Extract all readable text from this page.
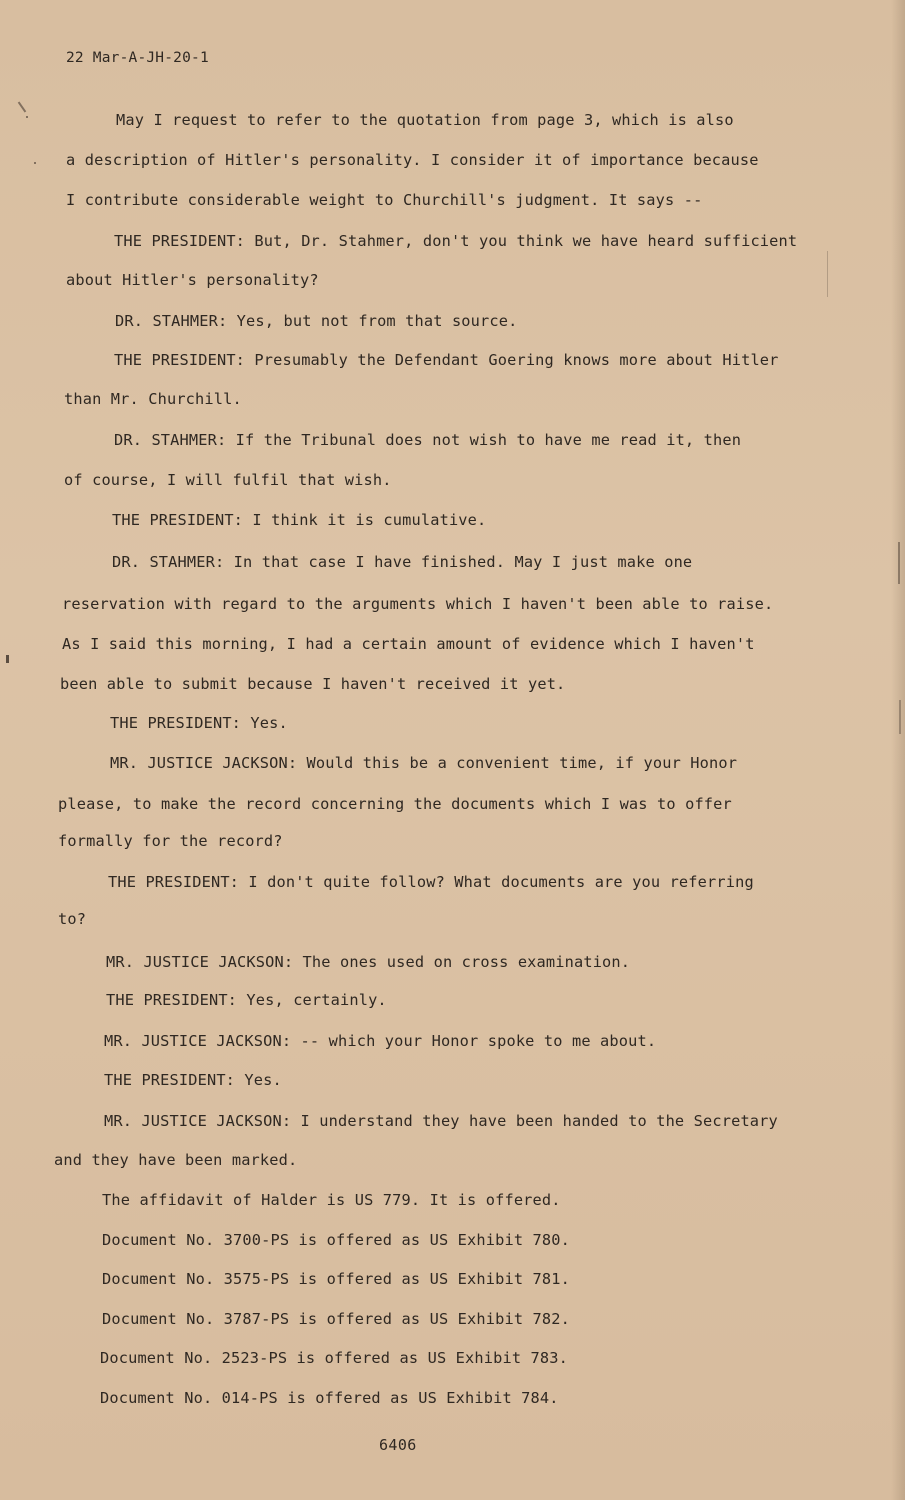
22 Mar-A-JH-20-1
May I request to refer to the quotation from page 3, which is also
a description of Hitler's personality. I consider it of importance because
I contribute considerable weight to Churchill's judgment. It says --
THE PRESIDENT: But, Dr. Stahmer, don't you think we have heard sufficient
about Hitler's personality?
DR. STAHMER: Yes, but not from that source.
THE PRESIDENT: Presumably the Defendant Goering knows more about Hitler
than Mr. Churchill.
DR. STAHMER: If the Tribunal does not wish to have me read it, then
of course, I will fulfil that wish.
THE PRESIDENT: I think it is cumulative.
DR. STAHMER: In that case I have finished. May I just make one
reservation with regard to the arguments which I haven't been able to raise.
As I said this morning, I had a certain amount of evidence which I haven't
been able to submit because I haven't received it yet.
THE PRESIDENT: Yes.
MR. JUSTICE JACKSON: Would this be a convenient time, if your Honor
please, to make the record concerning the documents which I was to offer
formally for the record?
THE PRESIDENT: I don't quite follow? What documents are you referring
to?
MR. JUSTICE JACKSON: The ones used on cross examination.
THE PRESIDENT: Yes, certainly.
MR. JUSTICE JACKSON: -- which your Honor spoke to me about.
THE PRESIDENT: Yes.
MR. JUSTICE JACKSON: I understand they have been handed to the Secretary
and they have been marked.
The affidavit of Halder is US 779. It is offered.
Document No. 3700-PS is offered as US Exhibit 780.
Document No. 3575-PS is offered as US Exhibit 781.
Document No. 3787-PS is offered as US Exhibit 782.
Document No. 2523-PS is offered as US Exhibit 783.
Document No. 014-PS is offered as US Exhibit 784.
6406
